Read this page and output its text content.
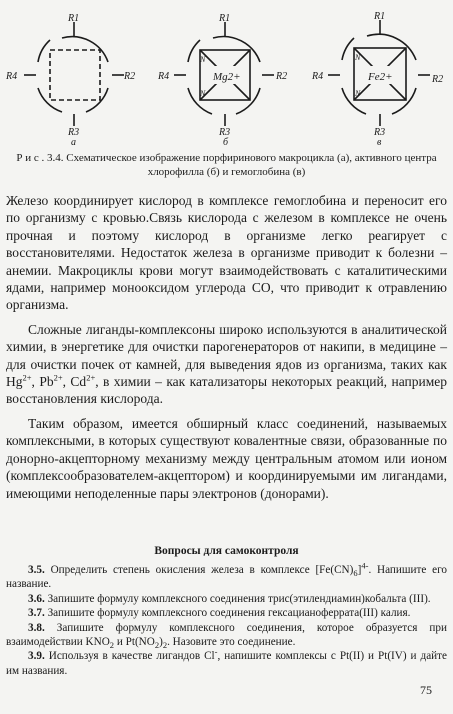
R1
R4	R2
R3
а
Mg2+
N
N
R1
R4	R2
R3
б
Fe2+
N
N
R1
R4	R2
R3
в
Р и с . 3.4. Схематическое изображение порфиринового макроцикла (а), активного центра хлорофилла (б) и гемоглобина (в)

Железо координирует кислород в комплексе гемоглобина и переносит его по организму с кровью.Связь кислорода с железом в комплексе не очень прочная и поэтому кислород в организме легко реагирует с восстановителями. Недостаток железа в организме приводит к болезни – анемии. Макроциклы крови могут взаимодействовать с каталитическими ядами, например монооксидом углерода СО, что приводит к отравлению организма.

Сложные лиганды-комплексоны широко используются в аналитической химии, в энергетике для очистки парогенераторов от накипи, в медицине – для очистки почек от камней, для выведения ядов из организма, таких как $Hg^{2+}$, $Pb^{2+}$, $Cd^{2+}$, в химии – как катализаторы некоторых реакций, например восстановления кислорода.

Таким образом, имеется обширный класс соединений, называемых комплексными, в которых существуют ковалентные связи, образованные по донорно-акцепторному механизму между центральным атомом или ионом (комплексообразователем-акцептором) и координируемыми им лигандами, имеющими неподеленные пары электронов (донорами).

Вопросы для самоконтроля

3.5. Определить степень окисления железа в комплексе $[Fe(CN)_6]^{4-}$. Напишите его название.

3.6. Запишите формулу комплексного соединения трис(этилендиамин)кобальта (III).

3.7. Запишите формулу комплексного соединения гексацианоферрата(III) калия.

3.8. Запишите формулу комплексного соединения, которое образуется при взаимодействии $KNO_2$ и $Pt(NO_2)_2$. Назовите это соединение.

3.9. Используя в качестве лигандов Cl-, напишите комплексы с Pt(II) и Pt(IV) и дайте им названия.

75
